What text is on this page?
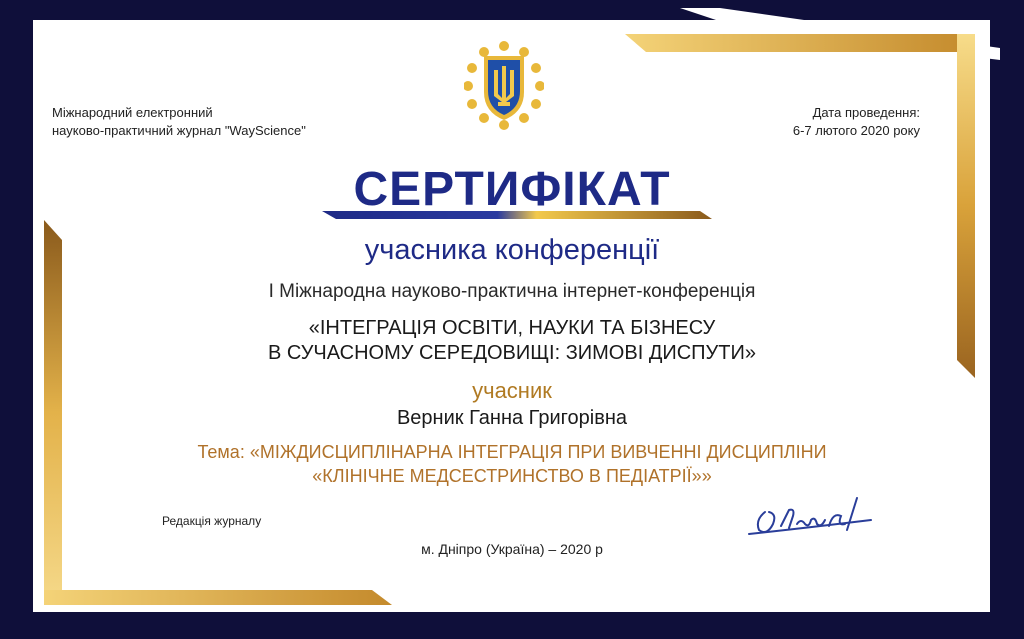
Міжнародний електронний
науково-практичний журнал "WayScience"
Дата проведення:
6-7 лютого 2020 року
СЕРТИФІКАТ
учасника конференції
I Міжнародна науково-практична інтернет-конференція
«ІНТЕГРАЦІЯ ОСВІТИ, НАУКИ ТА БІЗНЕСУ
В СУЧАСНОМУ СЕРЕДОВИЩІ: ЗИМОВІ ДИСПУТИ»
учасник
Верник Ганна Григорівна
Тема: «МІЖДИСЦИПЛІНАРНА ІНТЕГРАЦІЯ ПРИ ВИВЧЕННІ ДИСЦИПЛІНИ
«КЛІНІЧНЕ МЕДСЕСТРИНСТВО В ПЕДІАТРІЇ»»
Редакція журналу
м. Дніпро (Україна) – 2020 р
